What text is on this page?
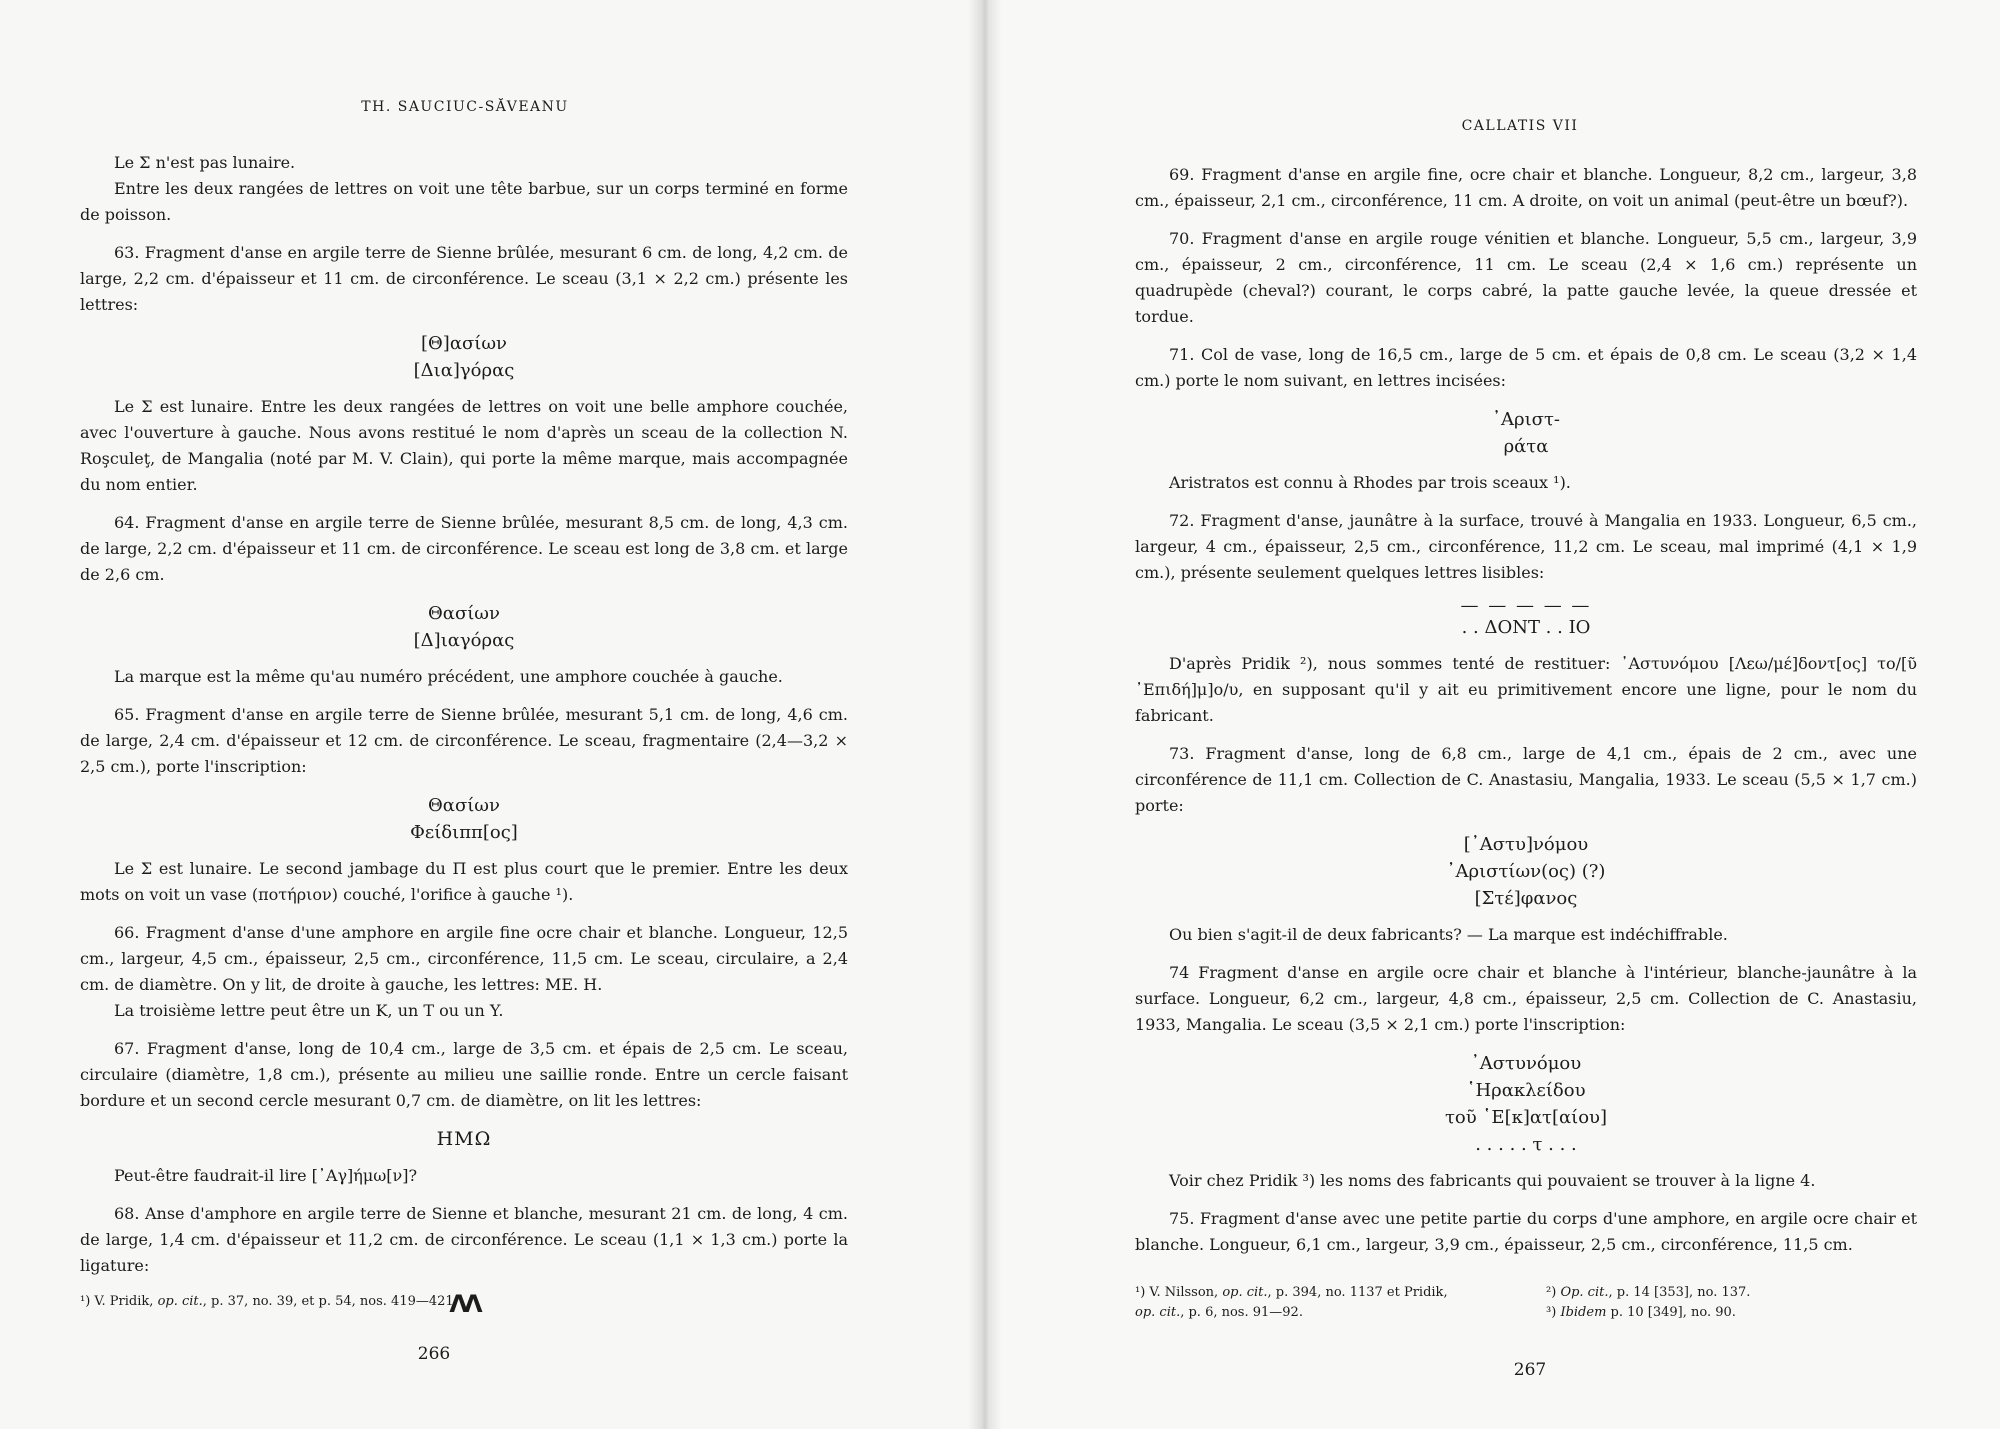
TH. SAUCIUC-SĂVEANU

Le Σ n'est pas lunaire.

Entre les deux rangées de lettres on voit une tête barbue, sur un corps terminé en forme de poisson.

63. Fragment d'anse en argile terre de Sienne brûlée, mesurant 6 cm. de long, 4,2 cm. de large, 2,2 cm. d'épaisseur et 11 cm. de circonférence. Le sceau (3,1 × 2,2 cm.) présente les lettres:

[Θ]ασίων
[Δια]γόρας

Le Σ est lunaire. Entre les deux rangées de lettres on voit une belle amphore couchée, avec l'ouverture à gauche. Nous avons restitué le nom d'après un sceau de la collection N. Roşculeţ, de Mangalia (noté par M. V. Clain), qui porte la même marque, mais accompagnée du nom entier.

64. Fragment d'anse en argile terre de Sienne brûlée, mesurant 8,5 cm. de long, 4,3 cm. de large, 2,2 cm. d'épaisseur et 11 cm. de circonférence. Le sceau est long de 3,8 cm. et large de 2,6 cm.

Θασίων
[Δ]ιαγόρας

La marque est la même qu'au numéro précédent, une amphore couchée à gauche.

65. Fragment d'anse en argile terre de Sienne brûlée, mesurant 5,1 cm. de long, 4,6 cm. de large, 2,4 cm. d'épaisseur et 12 cm. de circonférence. Le sceau, fragmentaire (2,4—3,2 × 2,5 cm.), porte l'inscription:

Θασίων
Φείδιππ[ος]

Le Σ est lunaire. Le second jambage du Π est plus court que le premier. Entre les deux mots on voit un vase (ποτήριον) couché, l'orifice à gauche ¹).

66. Fragment d'anse d'une amphore en argile fine ocre chair et blanche. Longueur, 12,5 cm., largeur, 4,5 cm., épaisseur, 2,5 cm., circonférence, 11,5 cm. Le sceau, circulaire, a 2,4 cm. de diamètre. On y lit, de droite à gauche, les lettres: ME. H.

La troisième lettre peut être un K, un T ou un Y.

67. Fragment d'anse, long de 10,4 cm., large de 3,5 cm. et épais de 2,5 cm. Le sceau, circulaire (diamètre, 1,8 cm.), présente au milieu une saillie ronde. Entre un cercle faisant bordure et un second cercle mesurant 0,7 cm. de diamètre, on lit les lettres:

ΗΜΩ

Peut-être faudrait-il lire [᾿Αγ]ήμω[ν]?

68. Anse d'amphore en argile terre de Sienne et blanche, mesurant 21 cm. de long, 4 cm. de large, 1,4 cm. d'épaisseur et 11,2 cm. de circonférence. Le sceau (1,1 × 1,3 cm.) porte la ligature:

ΛΛ
¹) V. Pridik, op. cit., p. 37, no. 39, et p. 54, nos. 419—421.
266
CALLATIS VII

69. Fragment d'anse en argile fine, ocre chair et blanche. Longueur, 8,2 cm., largeur, 3,8 cm., épaisseur, 2,1 cm., circonférence, 11 cm. A droite, on voit un animal (peut-être un bœuf?).

70. Fragment d'anse en argile rouge vénitien et blanche. Longueur, 5,5 cm., largeur, 3,9 cm., épaisseur, 2 cm., circonférence, 11 cm. Le sceau (2,4 × 1,6 cm.) représente un quadrupède (cheval?) courant, le corps cabré, la patte gauche levée, la queue dressée et tordue.

71. Col de vase, long de 16,5 cm., large de 5 cm. et épais de 0,8 cm. Le sceau (3,2 × 1,4 cm.) porte le nom suivant, en lettres incisées:

᾿Αριστ-
ράτα

Aristratos est connu à Rhodes par trois sceaux ¹).

72. Fragment d'anse, jaunâtre à la surface, trouvé à Mangalia en 1933. Longueur, 6,5 cm., largeur, 4 cm., épaisseur, 2,5 cm., circonférence, 11,2 cm. Le sceau, mal imprimé (4,1 × 1,9 cm.), présente seulement quelques lettres lisibles:

— — — — —
. . ΔΟΝΤ . . ΙΟ

D'après Pridik ²), nous sommes tenté de restituer: ᾿Αστυνόμου [Λεω/μέ]δοντ[ος] το/[ῦ ᾿Επιδή]μ]ο/υ, en supposant qu'il y ait eu primitivement encore une ligne, pour le nom du fabricant.

73. Fragment d'anse, long de 6,8 cm., large de 4,1 cm., épais de 2 cm., avec une circonférence de 11,1 cm. Collection de C. Anastasiu, Mangalia, 1933. Le sceau (5,5 × 1,7 cm.) porte:

[᾿Αστυ]νόμου
᾿Αριστίων(ος) (?)
[Στέ]φανος

Ou bien s'agit-il de deux fabricants? — La marque est indéchiffrable.

74 Fragment d'anse en argile ocre chair et blanche à l'intérieur, blanche-jaunâtre à la surface. Longueur, 6,2 cm., largeur, 4,8 cm., épaisseur, 2,5 cm. Collection de C. Anastasiu, 1933, Mangalia. Le sceau (3,5 × 2,1 cm.) porte l'inscription:

᾿Αστυνόμου
῾Ηρακλείδου
τοῦ ῾Ε[κ]ατ[αίου]
. . . . . τ . . .

Voir chez Pridik ³) les noms des fabricants qui pouvaient se trouver à la ligne 4.

75. Fragment d'anse avec une petite partie du corps d'une amphore, en argile ocre chair et blanche. Longueur, 6,1 cm., largeur, 3,9 cm., épaisseur, 2,5 cm., circonférence, 11,5 cm.

¹) V. Nilsson, op. cit., p. 394, no. 1137 et Pridik,
op. cit., p. 6, nos. 91—92.
²) Op. cit., p. 14 [353], no. 137.
³) Ibidem p. 10 [349], no. 90.
267
